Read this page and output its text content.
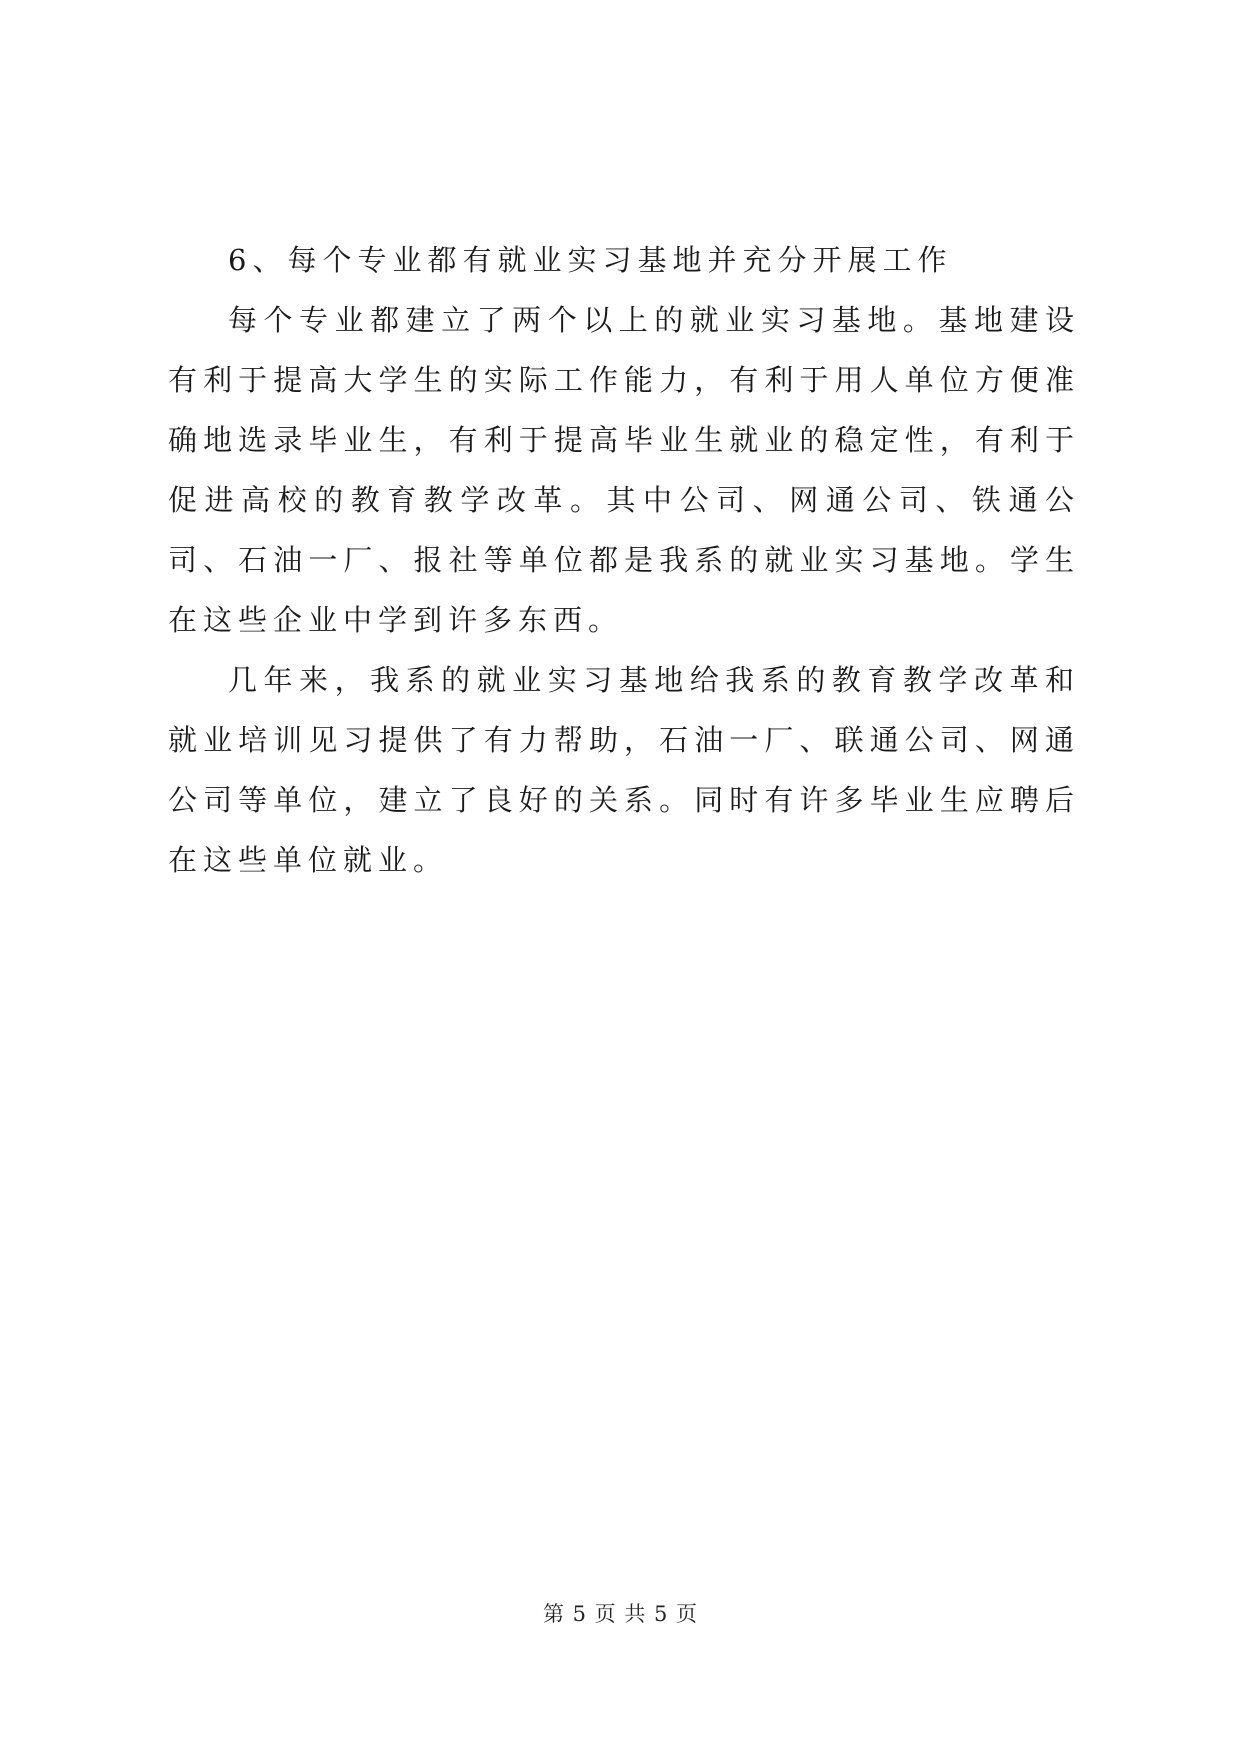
6、每个专业都有就业实习基地并充分开展工作

每个专业都建立了两个以上的就业实习基地。基地建设有利于提高大学生的实际工作能力，有利于用人单位方便准确地选录毕业生，有利于提高毕业生就业的稳定性，有利于促进高校的教育教学改革。其中公司、网通公司、铁通公司、石油一厂、报社等单位都是我系的就业实习基地。学生在这些企业中学到许多东西。

几年来，我系的就业实习基地给我系的教育教学改革和就业培训见习提供了有力帮助，石油一厂、联通公司、网通公司等单位，建立了良好的关系。同时有许多毕业生应聘后在这些单位就业。

第 5 页 共 5 页
